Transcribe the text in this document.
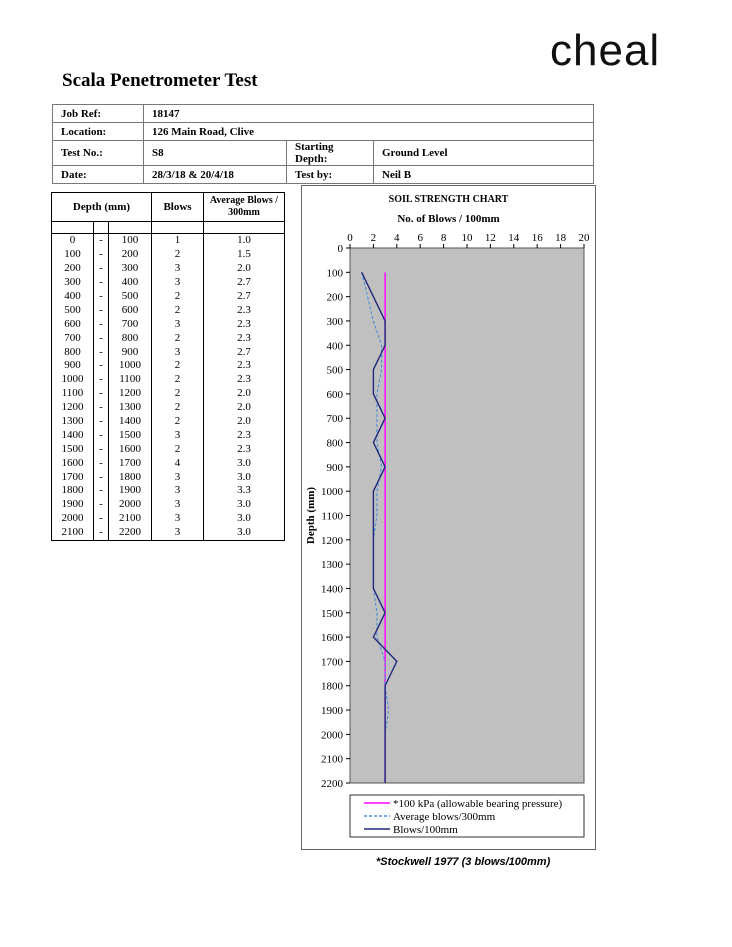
cheal
Scala Penetrometer Test
Job Ref:	18147		
Location:	126 Main Road, Clive		
Test No.:	S8	Starting Depth:	Ground Level
Date:	28/3/18 & 20/4/18	Test by:	Neil B
Depth (mm)			Blows	Average Blows / 300mm

0	-	100	1	1.0
100	-	200	2	1.5
200	-	300	3	2.0
300	-	400	3	2.7
400	-	500	2	2.7
500	-	600	2	2.3
600	-	700	3	2.3
700	-	800	2	2.3
800	-	900	3	2.7
900	-	1000	2	2.3
1000	-	1100	2	2.3
1100	-	1200	2	2.0
1200	-	1300	2	2.0
1300	-	1400	2	2.0
1400	-	1500	3	2.3
1500	-	1600	2	2.3
1600	-	1700	4	3.0
1700	-	1800	3	3.0
1800	-	1900	3	3.3
1900	-	2000	3	3.0
2000	-	2100	3	3.0
2100	-	2200	3	3.0
SOIL STRENGTH CHART
No. of Blows / 100mm
0 2 4 6 8 10 12 14 16 18 20
0
100
200
300
400
500
600
700
800
900
1000
1100
1200
1300
1400
1500
1600
1700
1800
1900
2000
2100
2200
Depth (mm)
*100 kPa (allowable bearing pressure)
Average blows/300mm
Blows/100mm
*Stockwell 1977 (3 blows/100mm)
